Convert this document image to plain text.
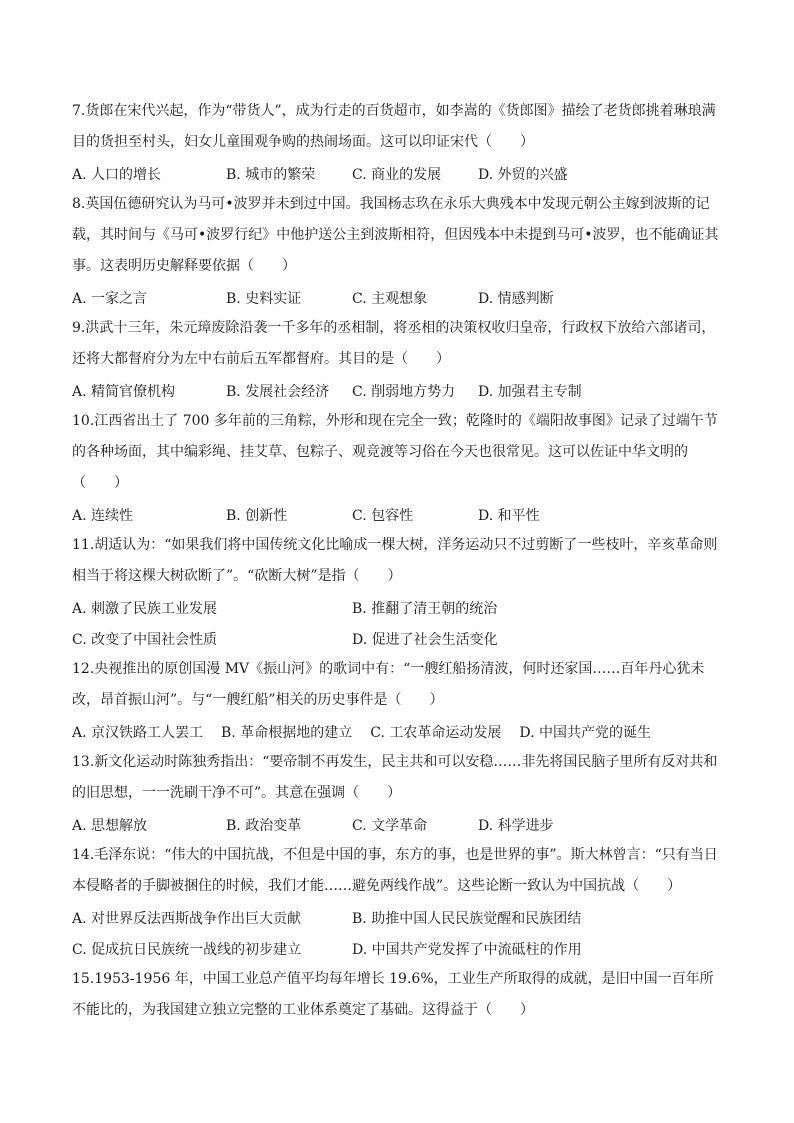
7.货郎在宋代兴起，作为“带货人”，成为行走的百货超市，如李嵩的《货郎图》描绘了老货郎挑着琳琅满目的货担至村头，妇女儿童围观争购的热闹场面。这可以印证宋代（　　）

A. 人口的增长	B. 城市的繁荣	C. 商业的发展	D. 外贸的兴盛

8.英国伍德研究认为马可•波罗并未到过中国。我国杨志玖在永乐大典残本中发现元朝公主嫁到波斯的记载，其时间与《马可•波罗行纪》中他护送公主到波斯相符，但因残本中未提到马可•波罗，也不能确证其事。这表明历史解释要依据（　　）

A. 一家之言	B. 史料实证	C. 主观想象	D. 情感判断

9.洪武十三年，朱元璋废除沿袭一千多年的丞相制，将丞相的决策权收归皇帝，行政权下放给六部诸司，还将大都督府分为左中右前后五军都督府。其目的是（　　）

A. 精简官僚机构	B. 发展社会经济	C. 削弱地方势力	D. 加强君主专制

10.江西省出土了 700 多年前的三角粽，外形和现在完全一致；乾隆时的《端阳故事图》记录了过端午节的各种场面，其中编彩绳、挂艾草、包粽子、观竞渡等习俗在今天也很常见。这可以佐证中华文明的（　　）

A. 连续性	B. 创新性	C. 包容性	D. 和平性

11.胡适认为：“如果我们将中国传统文化比喻成一棵大树，洋务运动只不过剪断了一些枝叶，辛亥革命则相当于将这棵大树砍断了”。“砍断大树”是指（　　）

A. 刺激了民族工业发展	B. 推翻了清王朝的统治
C. 改变了中国社会性质	D. 促进了社会生活变化

12.央视推出的原创国漫 MV《振山河》的歌词中有：“一艘红船扬清波，何时还家国……百年丹心犹未改，昂首振山河”。与“一艘红船”相关的历史事件是（　　）

A. 京汉铁路工人罢工 B. 革命根据地的建立 C. 工农革命运动发展 D. 中国共产党的诞生

13.新文化运动时陈独秀指出：“要帝制不再发生，民主共和可以安稳……非先将国民脑子里所有反对共和的旧思想，一一洗刷干净不可”。其意在强调（　　）

A. 思想解放	B. 政治变革	C. 文学革命	D. 科学进步

14.毛泽东说：“伟大的中国抗战，不但是中国的事，东方的事，也是世界的事”。斯大林曾言：“只有当日本侵略者的手脚被捆住的时候，我们才能……避免两线作战”。这些论断一致认为中国抗战（　　）

A. 对世界反法西斯战争作出巨大贡献	B. 助推中国人民民族觉醒和民族团结
C. 促成抗日民族统一战线的初步建立	D. 中国共产党发挥了中流砥柱的作用

15.1953-1956 年，中国工业总产值平均每年增长 19.6%，工业生产所取得的成就，是旧中国一百年所不能比的，为我国建立独立完整的工业体系奠定了基础。这得益于（　　）
